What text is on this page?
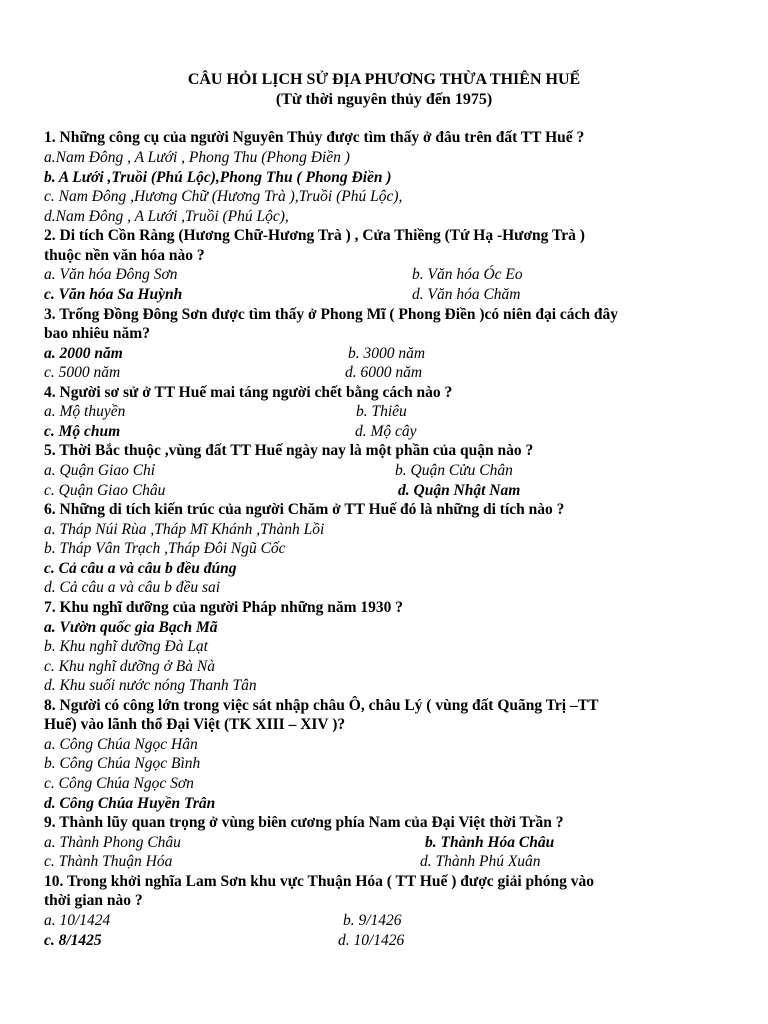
CÂU HỎI LỊCH SỬ ĐỊA PHƯƠNG THỪA THIÊN HUẾ
(Từ thời nguyên thủy đến 1975)
1. Những công cụ của người Nguyên Thủy được tìm thấy ở đâu trên đất TT Huế ?
a.Nam Đông , A Lưới , Phong Thu (Phong Điền )
b. A Lưới ,Truồi (Phú Lộc),Phong Thu ( Phong Điền )
c. Nam Đông ,Hương Chữ (Hương Trà ),Truồi (Phú Lộc),
d.Nam Đông , A Lưới ,Truồi (Phú Lộc),
2. Di tích Cồn Ràng (Hương Chữ-Hương Trà ) , Cửa Thiềng (Tứ Hạ -Hương Trà )
thuộc nền văn hóa nào ?
a. Văn hóa Đông Sơn	b. Văn hóa Óc Eo
c. Văn hóa Sa Huỳnh	d. Văn hóa Chăm
3. Trống Đồng Đông Sơn được tìm thấy ở Phong Mĩ ( Phong Điền )có niên đại cách đây
bao nhiêu năm?
a. 2000 năm	b. 3000 năm
c. 5000 năm	d. 6000 năm
4. Người sơ sử ở TT Huế mai táng người chết bằng cách nào ?
a. Mộ thuyền	b. Thiêu
c. Mộ chum	d. Mộ cây
5. Thời Bắc thuộc ,vùng đất TT Huế ngày nay là một phần của quận nào ?
a. Quận Giao Chỉ	b. Quận Cửu Chân
c. Quận Giao Châu	d. Quận Nhật Nam
6. Những di tích kiến trúc của người Chăm ở TT Huế đó là những di tích nào ?
a. Tháp Núi Rùa ,Tháp Mĩ Khánh ,Thành Lồi
b. Tháp Vân Trạch ,Tháp Đôi Ngũ Cốc
c. Cả câu a và câu b đều đúng
d. Cả câu a và câu b đều sai
7. Khu nghĩ dưỡng của người Pháp những năm 1930 ?
a. Vườn quốc gia Bạch Mã
b. Khu nghĩ dưỡng Đà Lạt
c. Khu nghĩ dưỡng ở Bà Nà
d. Khu suối nước nóng Thanh Tân
8. Người có công lớn trong việc sát nhập châu Ô, châu Lý ( vùng đất Quãng Trị –TT
Huế) vào lãnh thổ Đại Việt (TK XIII – XIV )?
a. Công Chúa Ngọc Hân
b. Công Chúa Ngọc Bình
c. Công Chúa Ngọc Sơn
d. Công Chúa Huyền Trân
9. Thành lũy quan trọng ở vùng biên cương phía Nam của Đại Việt thời Trần ?
a. Thành Phong Châu	b. Thành Hóa Châu
c. Thành Thuận Hóa	d. Thành Phú Xuân
10. Trong khởi nghĩa Lam Sơn khu vực Thuận Hóa ( TT Huế ) được giải phóng vào
thời gian nào ?
a. 10/1424	b. 9/1426
c. 8/1425	d. 10/1426
